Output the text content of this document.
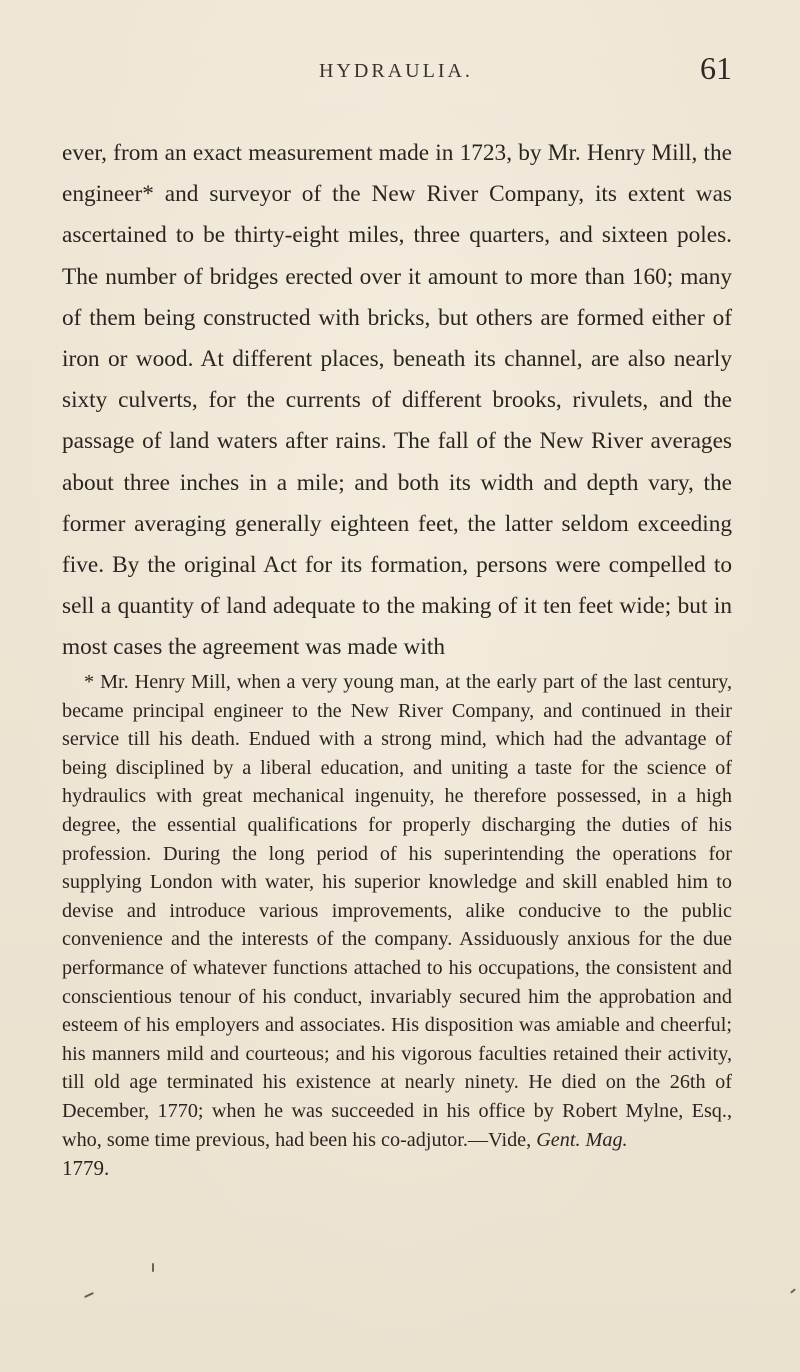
HYDRAULIA.	61

ever, from an exact measurement made in 1723, by Mr. Henry Mill, the engineer* and surveyor of the New River Company, its extent was ascertained to be thirty-eight miles, three quarters, and sixteen poles. The number of bridges erected over it amount to more than 160; many of them being constructed with bricks, but others are formed either of iron or wood. At different places, beneath its channel, are also nearly sixty culverts, for the currents of different brooks, rivulets, and the passage of land waters after rains. The fall of the New River averages about three inches in a mile; and both its width and depth vary, the former averaging generally eighteen feet, the latter seldom exceeding five. By the original Act for its formation, persons were compelled to sell a quantity of land adequate to the making of it ten feet wide; but in most cases the agreement was made with

* Mr. Henry Mill, when a very young man, at the early part of the last century, became principal engineer to the New River Company, and continued in their service till his death. Endued with a strong mind, which had the advantage of being disciplined by a liberal education, and uniting a taste for the science of hydraulics with great mechanical ingenuity, he therefore possessed, in a high degree, the essential qualifications for properly discharging the duties of his profession. During the long period of his superintending the operations for supplying London with water, his superior knowledge and skill enabled him to devise and introduce various improvements, alike conducive to the public convenience and the interests of the company. Assiduously anxious for the due performance of whatever functions attached to his occupations, the consistent and conscientious tenour of his conduct, invariably secured him the approbation and esteem of his employers and associates. His disposition was amiable and cheerful; his manners mild and courteous; and his vigorous faculties retained their activity, till old age terminated his existence at nearly ninety. He died on the 26th of December, 1770; when he was succeeded in his office by Robert Mylne, Esq., who, some time previous, had been his co-adjutor.—Vide, Gent. Mag.
1779.
